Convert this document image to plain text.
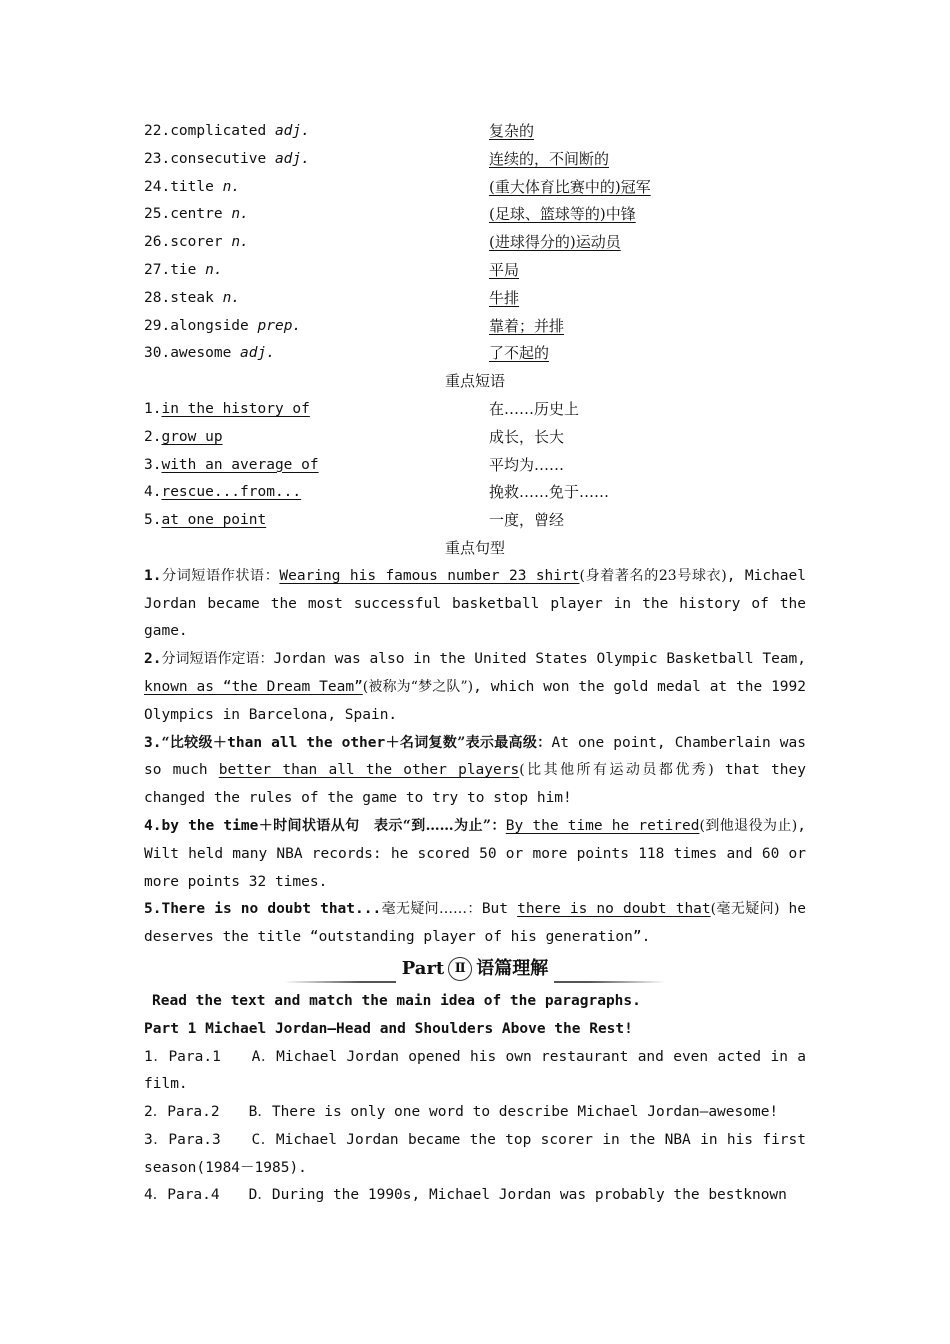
22.complicated adj.	复杂的
23.consecutive adj.	连续的，不间断的
24.title n.	(重大体育比赛中的)冠军
25.centre n.	(足球、篮球等的)中锋
26.scorer n.	(进球得分的)运动员
27.tie n.	平局
28.steak n.	牛排
29.alongside prep.	靠着；并排
30.awesome adj.	了不起的
重点短语
1.in the history of	在……历史上
2.grow up	成长，长大
3.with an average of	平均为……
4.rescue...from...	挽救……免于……
5.at one point	一度，曾经
重点句型
1.分词短语作状语：Wearing his famous number 23 shirt(身着著名的23号球衣), Michael Jordan became the most successful basketball player in the history of the game.
2.分词短语作定语：Jordan was also in the United States Olympic Basketball Team, known as “the Dream Team”(被称为“梦之队”), which won the gold medal at the 1992 Olympics in Barcelona, Spain.
3.“比较级＋than all the other＋名词复数”表示最高级：At one point, Chamberlain was so much better than all the other players(比其他所有运动员都优秀) that they changed the rules of the game to try to stop him!
4.by the time＋时间状语从句　表示“到……为止”：By the time he retired(到他退役为止), Wilt held many NBA records: he scored 50 or more points 118 times and 60 or more points 32 times.
5.There is no doubt that...毫无疑问……：But there is no doubt that(毫无疑问) he deserves the title “outstanding player of his generation”.
Part Ⅱ 语篇理解
Read the text and match the main idea of the paragraphs.
Part 1 Michael Jordan—Head and Shoulders Above the Rest!
1．Para.1　　A．Michael Jordan opened his own restaurant and even acted in a film.
2．Para.2　　B．There is only one word to describe Michael Jordan—awesome!
3．Para.3　　C．Michael Jordan became the top scorer in the NBA in his first season(1984－1985).
4．Para.4　　D．During the 1990s, Michael Jordan was probably the bestknown
